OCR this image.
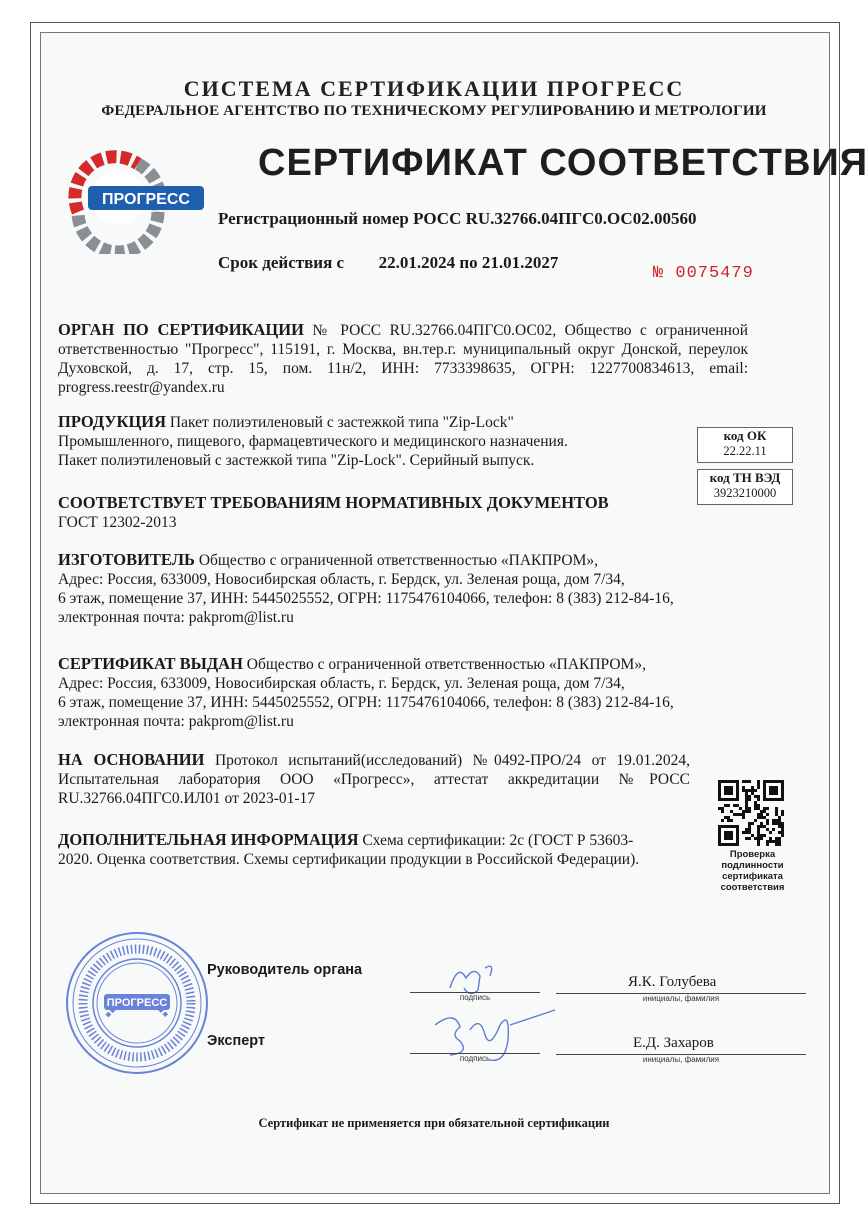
СИСТЕМА СЕРТИФИКАЦИИ ПРОГРЕСС
ФЕДЕРАЛЬНОЕ АГЕНТСТВО ПО ТЕХНИЧЕСКОМУ РЕГУЛИРОВАНИЮ И МЕТРОЛОГИИ
ПРОГРЕСС
СЕРТИФИКАТ СООТВЕТСТВИЯ
Регистрационный номер РОСС RU.32766.04ПГС0.ОС02.00560
Срок действия с 22.01.2024 по 21.01.2027
№ 0075479
ОРГАН ПО СЕРТИФИКАЦИИ № РОСС RU.32766.04ПГС0.ОС02, Общество с ограниченной ответственностью "Прогресс", 115191, г. Москва, вн.тер.г. муниципальный округ Донской, переулок Духовской, д. 17, стр. 15, пом. 11н/2, ИНН: 7733398635, ОГРН: 1227700834613, email: progress.reestr@yandex.ru
ПРОДУКЦИЯ Пакет полиэтиленовый с застежкой типа "Zip-Lock"
Промышленного, пищевого, фармацевтического и медицинского назначения.
Пакет полиэтиленовый с застежкой типа "Zip-Lock". Серийный выпуск.
код ОК
22.22.11
код ТН ВЭД
3923210000
СООТВЕТСТВУЕТ ТРЕБОВАНИЯМ НОРМАТИВНЫХ ДОКУМЕНТОВ
ГОСТ 12302-2013
ИЗГОТОВИТЕЛЬ Общество с ограниченной ответственностью «ПАКПРОМ»,
Адрес: Россия, 633009, Новосибирская область, г. Бердск, ул. Зеленая роща, дом 7/34,
6 этаж, помещение 37, ИНН: 5445025552, ОГРН: 1175476104066, телефон: 8 (383) 212-84-16,
электронная почта: pakprom@list.ru
СЕРТИФИКАТ ВЫДАН Общество с ограниченной ответственностью «ПАКПРОМ»,
Адрес: Россия, 633009, Новосибирская область, г. Бердск, ул. Зеленая роща, дом 7/34,
6 этаж, помещение 37, ИНН: 5445025552, ОГРН: 1175476104066, телефон: 8 (383) 212-84-16,
электронная почта: pakprom@list.ru
НА ОСНОВАНИИ Протокол испытаний(исследований) №0492-ПРО/24 от 19.01.2024, Испытательная лаборатория ООО «Прогресс», аттестат аккредитации №РОСС RU.32766.04ПГС0.ИЛ01 от 2023-01-17
ДОПОЛНИТЕЛЬНАЯ ИНФОРМАЦИЯ Схема сертификации: 2с (ГОСТ Р 53603-2020. Оценка соответствия. Схемы сертификации продукции в Российской Федерации).	Проверка подлинности сертификата соответствия
ПРОГРЕСС
Руководитель органа
Эксперт
подпись
Я.К. Голубева
инициалы, фамилия
подпись
Е.Д. Захаров
инициалы, фамилия
Сертификат не применяется при обязательной сертификации
